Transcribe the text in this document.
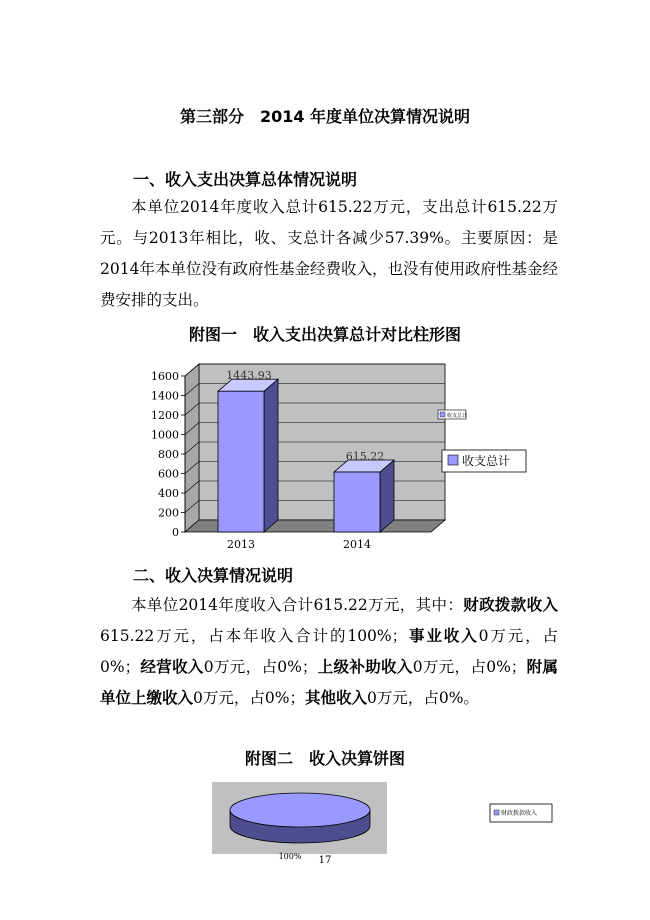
第三部分　2014 年度单位决算情况说明
一、收入支出决算总体情况说明
本单位2014年度收入总计615.22万元，支出总计615.22万元。与2013年相比，收、支总计各减少57.39%。主要原因：是2014年本单位没有政府性基金经费收入，也没有使用政府性基金经费安排的支出。
附图一　收入支出决算总计对比柱形图
0
200
400
600
800
1000
1200
1400
1600	1443.93
2013
615.22
2014
收支总计
收支总计
二、收入决算情况说明
本单位2014年度收入合计615.22万元，其中：财政拨款收入615.22万元，占本年收入合计的100%；事业收入0万元，占0%；经营收入0万元，占0%；上级补助收入0万元，占0%；附属单位上缴收入0万元，占0%；其他收入0万元，占0%。
附图二　收入决算饼图
100%
财政拨款收入
17
